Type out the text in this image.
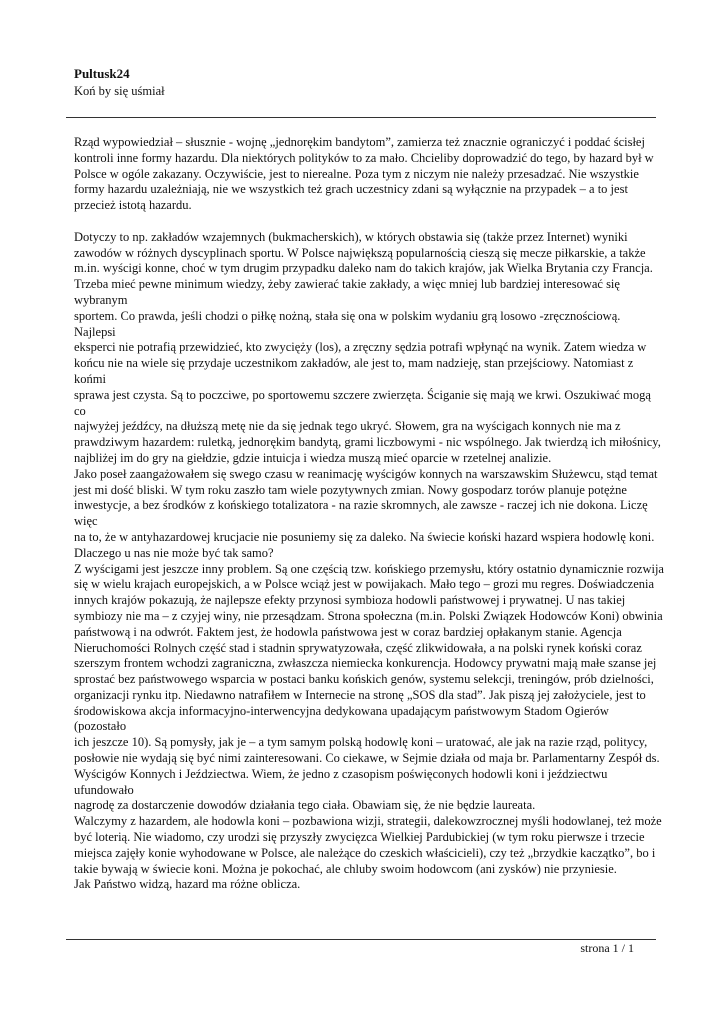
Pultusk24
Koń by się uśmiał

Rząd wypowiedział – słusznie - wojnę „jednorękim bandytom”, zamierza też znacznie ograniczyć i poddać ścisłej
kontroli inne formy hazardu. Dla niektórych polityków to za mało. Chcieliby doprowadzić do tego, by hazard był w
Polsce w ogóle zakazany. Oczywiście, jest to nierealne. Poza tym z niczym nie należy przesadzać. Nie wszystkie
formy hazardu uzależniają, nie we wszystkich też grach uczestnicy zdani są wyłącznie na przypadek – a to jest
przecież istotą hazardu.

Dotyczy to np. zakładów wzajemnych (bukmacherskich), w których obstawia się (także przez Internet) wyniki
zawodów w różnych dyscyplinach sportu. W Polsce największą popularnością cieszą się mecze piłkarskie, a także
m.in. wyścigi konne, choć w tym drugim przypadku daleko nam do takich krajów, jak Wielka Brytania czy Francja.
Trzeba mieć pewne minimum wiedzy, żeby zawierać takie zakłady, a więc mniej lub bardziej interesować się wybranym
sportem. Co prawda, jeśli chodzi o piłkę nożną, stała się ona w polskim wydaniu grą losowo -zręcznościową. Najlepsi
eksperci nie potrafią przewidzieć, kto zwycięży (los), a zręczny sędzia potrafi wpłynąć na wynik. Zatem wiedza w
końcu nie na wiele się przydaje uczestnikom zakładów, ale jest to, mam nadzieję, stan przejściowy. Natomiast z końmi
sprawa jest czysta. Są to poczciwe, po sportowemu szczere zwierzęta. Ściganie się mają we krwi. Oszukiwać mogą co
najwyżej jeźdźcy, na dłuższą metę nie da się jednak tego ukryć. Słowem, gra na wyścigach konnych nie ma z
prawdziwym hazardem: ruletką, jednorękim bandytą, grami liczbowymi - nic wspólnego. Jak twierdzą ich miłośnicy,
najbliżej im do gry na giełdzie, gdzie intuicja i wiedza muszą mieć oparcie w rzetelnej analizie.

Jako poseł zaangażowałem się swego czasu w reanimację wyścigów konnych na warszawskim Służewcu, stąd temat
jest mi dość bliski. W tym roku zaszło tam wiele pozytywnych zmian. Nowy gospodarz torów planuje potężne
inwestycje, a bez środków z końskiego totalizatora - na razie skromnych, ale zawsze - raczej ich nie dokona. Liczę więc
na to, że w antyhazardowej krucjacie nie posuniemy się za daleko. Na świecie koński hazard wspiera hodowlę koni.
Dlaczego u nas nie może być tak samo?

Z wyścigami jest jeszcze inny problem. Są one częścią tzw. końskiego przemysłu, który ostatnio dynamicznie rozwija
się w wielu krajach europejskich, a w Polsce wciąż jest w powijakach. Mało tego – grozi mu regres. Doświadczenia
innych krajów pokazują, że najlepsze efekty przynosi symbioza hodowli państwowej i prywatnej. U nas takiej
symbiozy nie ma – z czyjej winy, nie przesądzam. Strona społeczna (m.in. Polski Związek Hodowców Koni) obwinia
państwową i na odwrót. Faktem jest, że hodowla państwowa jest w coraz bardziej opłakanym stanie. Agencja
Nieruchomości Rolnych część stad i stadnin sprywatyzowała, część zlikwidowała, a na polski rynek koński coraz
szerszym frontem wchodzi zagraniczna, zwłaszcza niemiecka konkurencja. Hodowcy prywatni mają małe szanse jej
sprostać bez państwowego wsparcia w postaci banku końskich genów, systemu selekcji, treningów, prób dzielności,
organizacji rynku itp. Niedawno natrafiłem w Internecie na stronę „SOS dla stad”. Jak piszą jej założyciele, jest to
środowiskowa akcja informacyjno-interwencyjna dedykowana upadającym państwowym Stadom Ogierów (pozostało
ich jeszcze 10). Są pomysły, jak je – a tym samym polską hodowlę koni – uratować, ale jak na razie rząd, politycy,
posłowie nie wydają się być nimi zainteresowani. Co ciekawe, w Sejmie działa od maja br. Parlamentarny Zespół ds.
Wyścigów Konnych i Jeździectwa. Wiem, że jedno z czasopism poświęconych hodowli koni i jeździectwu ufundowało
nagrodę za dostarczenie dowodów działania tego ciała. Obawiam się, że nie będzie laureata.

Walczymy z hazardem, ale hodowla koni – pozbawiona wizji, strategii, dalekowzrocznej myśli hodowlanej, też może
być loterią. Nie wiadomo, czy urodzi się przyszły zwycięzca Wielkiej Pardubickiej (w tym roku pierwsze i trzecie
miejsca zajęły konie wyhodowane w Polsce, ale należące do czeskich właścicieli), czy też „brzydkie kaczątko”, bo i
takie bywają w świecie koni. Można je pokochać, ale chluby swoim hodowcom (ani zysków) nie przyniesie.

Jak Państwo widzą, hazard ma różne oblicza.

strona 1 / 1
